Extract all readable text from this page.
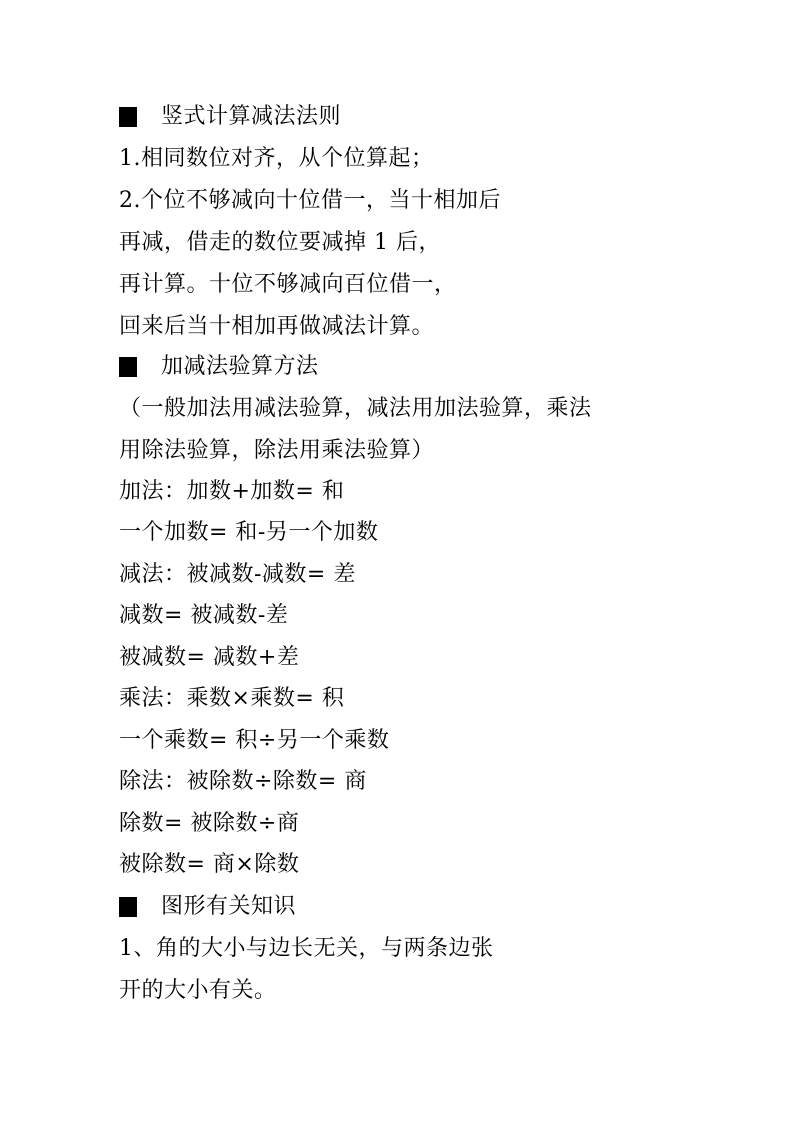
竖式计算减法法则
1.相同数位对齐，从个位算起；
2.个位不够减向十位借一，当十相加后
再减，借走的数位要减掉 1 后，
再计算。十位不够减向百位借一，
回来后当十相加再做减法计算。
加减法验算方法
（一般加法用减法验算，减法用加法验算，乘法
用除法验算，除法用乘法验算）
加法：加数+加数= 和
一个加数= 和-另一个加数
减法：被减数-减数= 差
减数= 被减数-差
被减数= 减数+差
乘法：乘数×乘数= 积
一个乘数= 积÷另一个乘数
除法：被除数÷除数= 商
除数= 被除数÷商
被除数= 商×除数
图形有关知识
1、角的大小与边长无关，与两条边张
开的大小有关。
